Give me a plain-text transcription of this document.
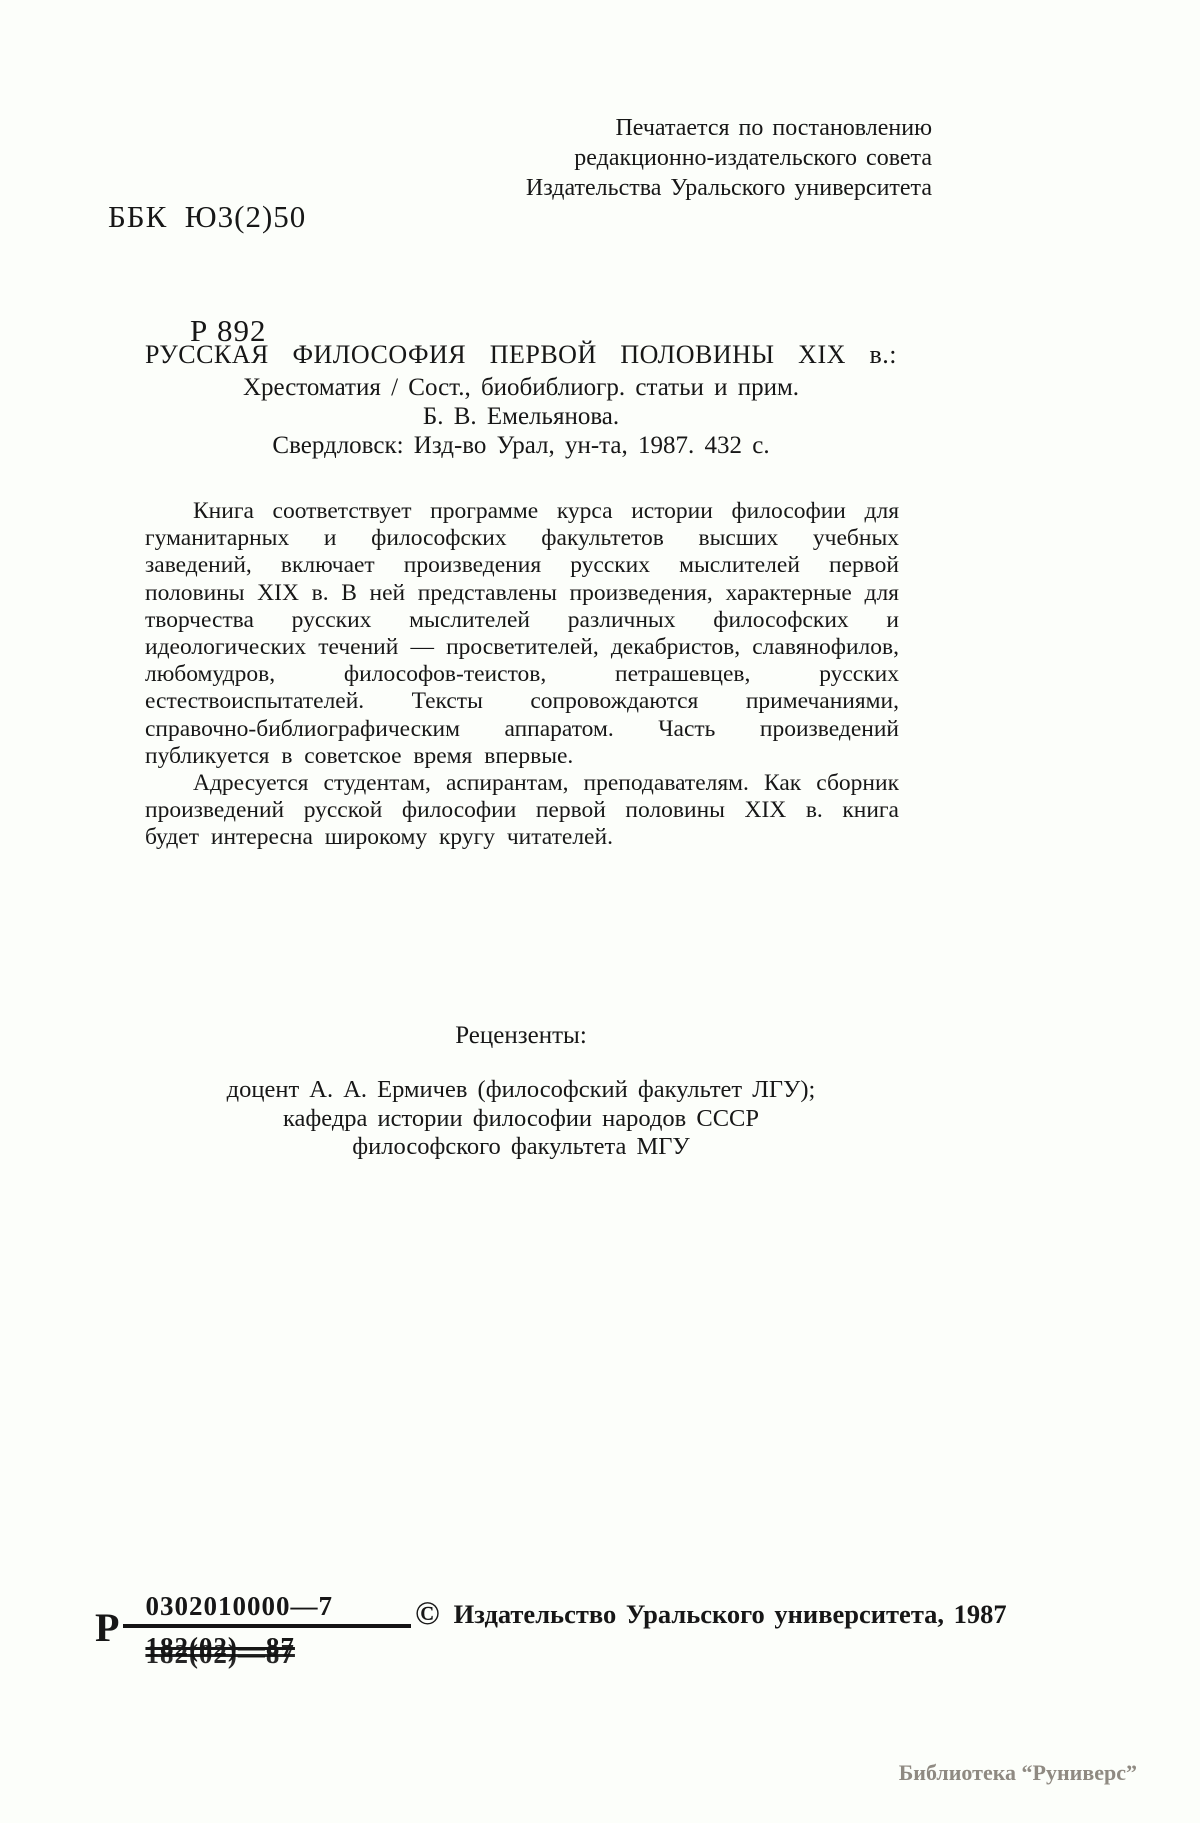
ББК  Ю3(2)50

Р 892

Печатается по постановлению
редакционно-издательского совета
Издательства Уральского университета
РУССКАЯ ФИЛОСОФИЯ ПЕРВОЙ ПОЛОВИНЫ XIX в.:
Хрестоматия / Сост., биобиблиогр. статьи и прим.
Б. В. Емельянова.
Свердловск: Изд-во Урал, ун-та, 1987. 432 с.

Книга соответствует программе курса истории философии для гуманитарных и философских факультетов высших учебных заведений, включает произведения русских мыслителей первой половины XIX в. В ней представлены произведения, характерные для творчества русских мыслителей различных философских и идеологических течений — просветителей, декабристов, славянофилов, любомудров, философов-теистов, петрашевцев, русских естествоиспытателей. Тексты сопровождаются примечаниями, справочно-библиографическим аппаратом. Часть произведений публикуется в советское время впервые.

Адресуется студентам, аспирантам, преподавателям. Как сборник произведений русской философии первой половины XIX в. книга будет интересна широкому кругу читателей.

Рецензенты:
доцент А. А. Ермичев (философский факультет ЛГУ);
кафедра истории философии народов СССР
философского факультета МГУ
Р $\frac{0302010000—7}{182(02)—87}$ © Издательство Уральского университета, 1987
Библиотека “Руниверс”
